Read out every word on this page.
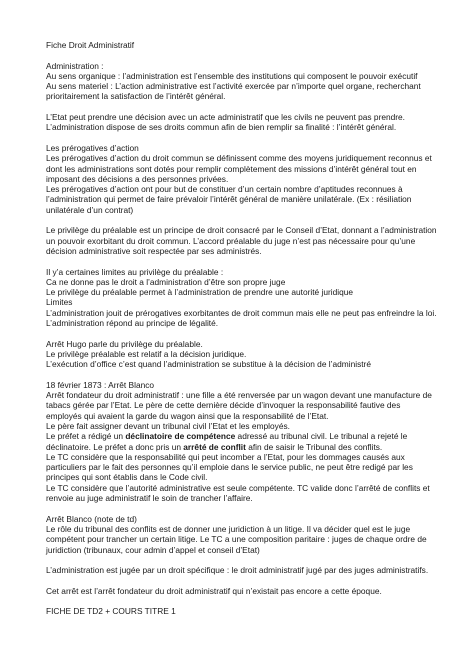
Fiche Droit Administratif

Administration :

Au sens organique : l’administration est l’ensemble des institutions qui composent le pouvoir exécutif

Au sens materiel : L’action administrative est l’activité exercée par n’importe quel organe, recherchant prioritairement la satisfaction de l’intérêt général.

L’Etat peut prendre une décision avec un acte administratif que les civils ne peuvent pas prendre.

L’administration dispose de ses droits commun afin de bien remplir sa finalité : l’intérêt général.

Les prérogatives d’action

Les prérogatives d’action du droit commun se définissent comme des moyens juridiquement reconnus et dont les administrations sont dotés pour remplir complètement des missions d’intérêt général tout en imposant des décisions a des personnes privées.

Les prérogatives d’action ont pour but de constituer d’un certain nombre d’aptitudes reconnues à l’administration qui permet de faire prévaloir l’intérêt général de manière unilatérale. (Ex : résiliation unilatérale d’un contrat)

Le privilège du préalable est un principe de droit consacré par le Conseil d’Etat, donnant a l’administration un pouvoir exorbitant du droit commun. L’accord préalable du juge n’est pas nécessaire pour qu’une décision administrative soit respectée par ses administrés.

Il y’a certaines limites au privilège du préalable :

Ca ne donne pas le droit a l’administration d’être son propre juge

Le privilège du préalable permet à l’administration de prendre une autorité juridique

Limites

L’administration jouit de prérogatives exorbitantes de droit commun mais elle ne peut pas enfreindre la loi. L’administration répond au principe de légalité.

Arrêt Hugo parle du privilège du préalable.

Le privilège préalable est relatif a la décision juridique.

L’exécution d’office c’est quand l’administration se substitue à la décision de l’administré

18 février 1873 : Arrêt Blanco

Arrêt fondateur du droit administratif : une fille a été renversée par un wagon devant une manufacture de tabacs gérée par l’Etat. Le père de cette dernière décide d’invoquer la responsabilité fautive des employés qui avaient la garde du wagon ainsi que la responsabilité de l’Etat.

Le père fait assigner devant un tribunal civil l’Etat et les employés.

Le préfet a rédigé un déclinatoire de compétence adressé au tribunal civil. Le tribunal a rejeté le déclinatoire. Le préfet a donc pris un arrêté de conflit afin de saisir le Tribunal des conflits.

Le TC considère que la responsabilité qui peut incomber a l’Etat, pour les dommages causés aux particuliers par le fait des personnes qu’il emploie dans le service public, ne peut être redigé par les principes qui sont établis dans le Code civil.

Le TC considère que l’autorité administrative est seule compétente. TC valide donc l’arrêté de conflits et renvoie au juge administratif le soin de trancher l’affaire.

Arrêt Blanco (note de td)

Le rôle du tribunal des conflits est de donner une juridiction à un litige. Il va décider quel est le juge compétent pour trancher un certain litige. Le TC a une composition paritaire : juges de chaque ordre de juridiction (tribunaux, cour admin d’appel et conseil d’Etat)

L’administration est jugée par un droit spécifique : le droit administratif jugé par des juges administratifs.

Cet arrêt est l’arrêt fondateur du droit administratif qui n’existait pas encore a cette époque.

FICHE DE TD2 + COURS TITRE 1
